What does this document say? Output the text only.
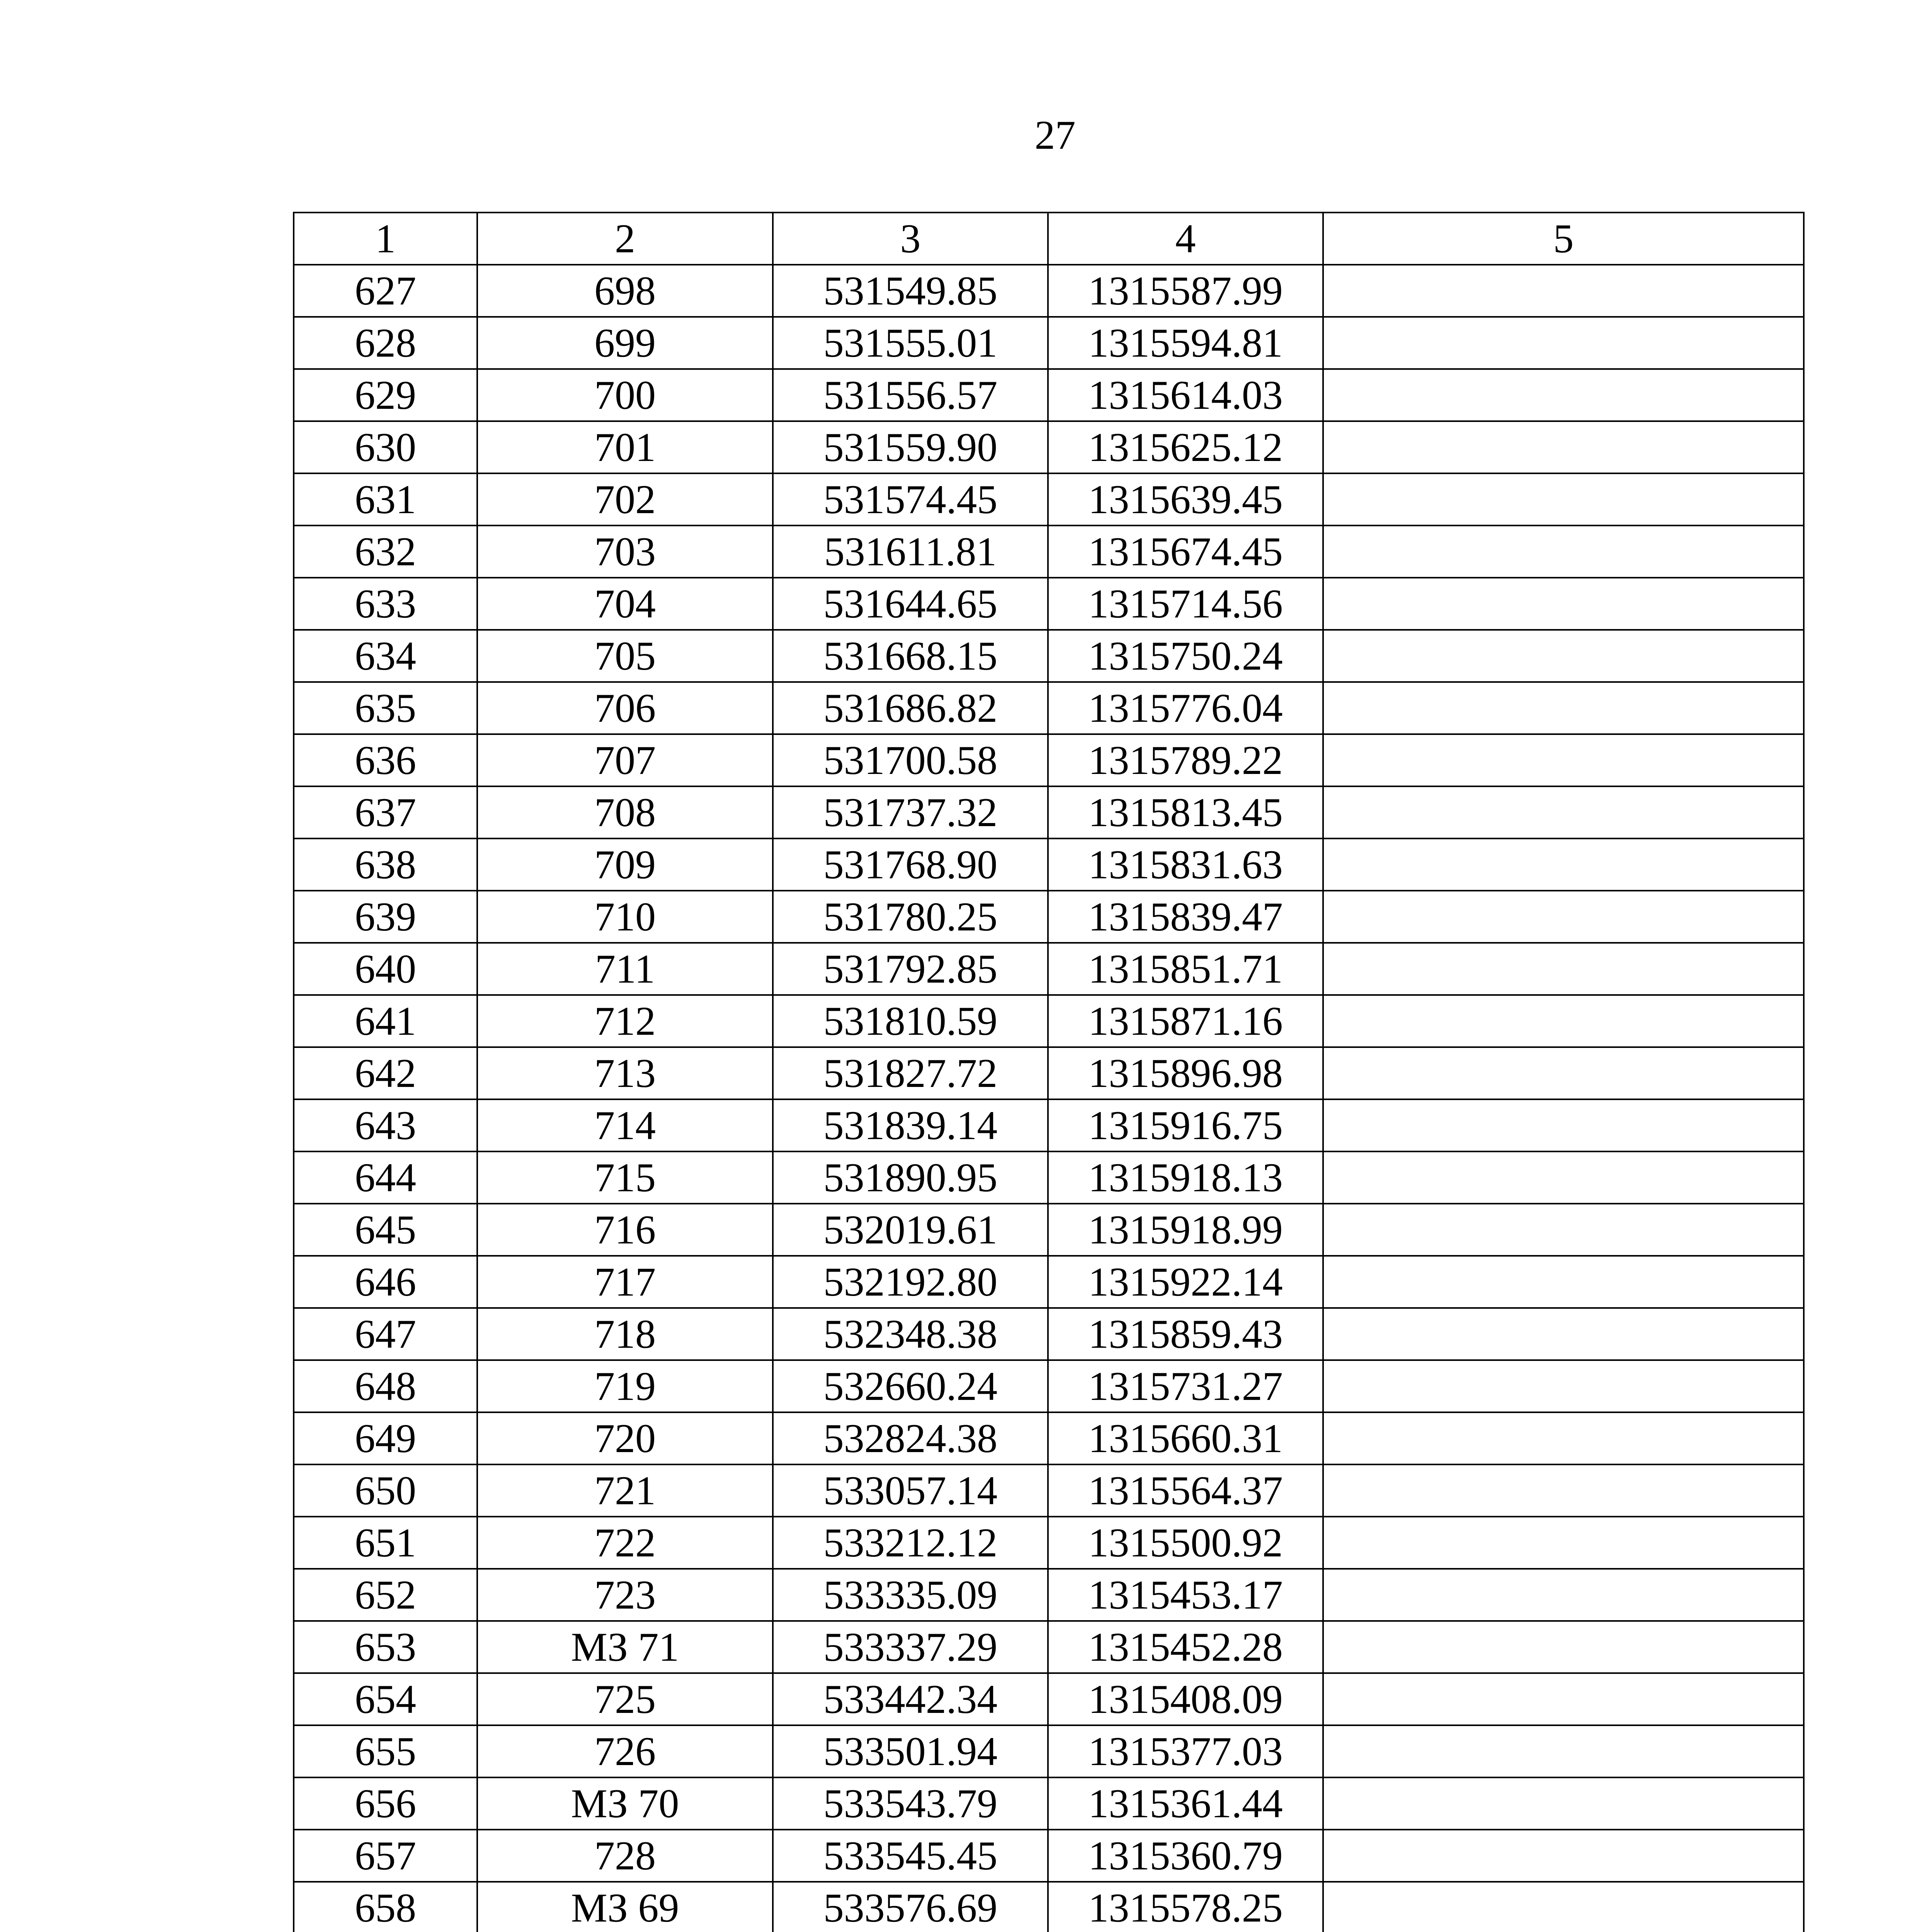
27
1	2	3	4	5
627	698	531549.85	1315587.99	
628	699	531555.01	1315594.81	
629	700	531556.57	1315614.03	
630	701	531559.90	1315625.12	
631	702	531574.45	1315639.45	
632	703	531611.81	1315674.45	
633	704	531644.65	1315714.56	
634	705	531668.15	1315750.24	
635	706	531686.82	1315776.04	
636	707	531700.58	1315789.22	
637	708	531737.32	1315813.45	
638	709	531768.90	1315831.63	
639	710	531780.25	1315839.47	
640	711	531792.85	1315851.71	
641	712	531810.59	1315871.16	
642	713	531827.72	1315896.98	
643	714	531839.14	1315916.75	
644	715	531890.95	1315918.13	
645	716	532019.61	1315918.99	
646	717	532192.80	1315922.14	
647	718	532348.38	1315859.43	
648	719	532660.24	1315731.27	
649	720	532824.38	1315660.31	
650	721	533057.14	1315564.37	
651	722	533212.12	1315500.92	
652	723	533335.09	1315453.17	
653	МЗ 71	533337.29	1315452.28	
654	725	533442.34	1315408.09	
655	726	533501.94	1315377.03	
656	МЗ 70	533543.79	1315361.44	
657	728	533545.45	1315360.79	
658	МЗ 69	533576.69	1315578.25	
